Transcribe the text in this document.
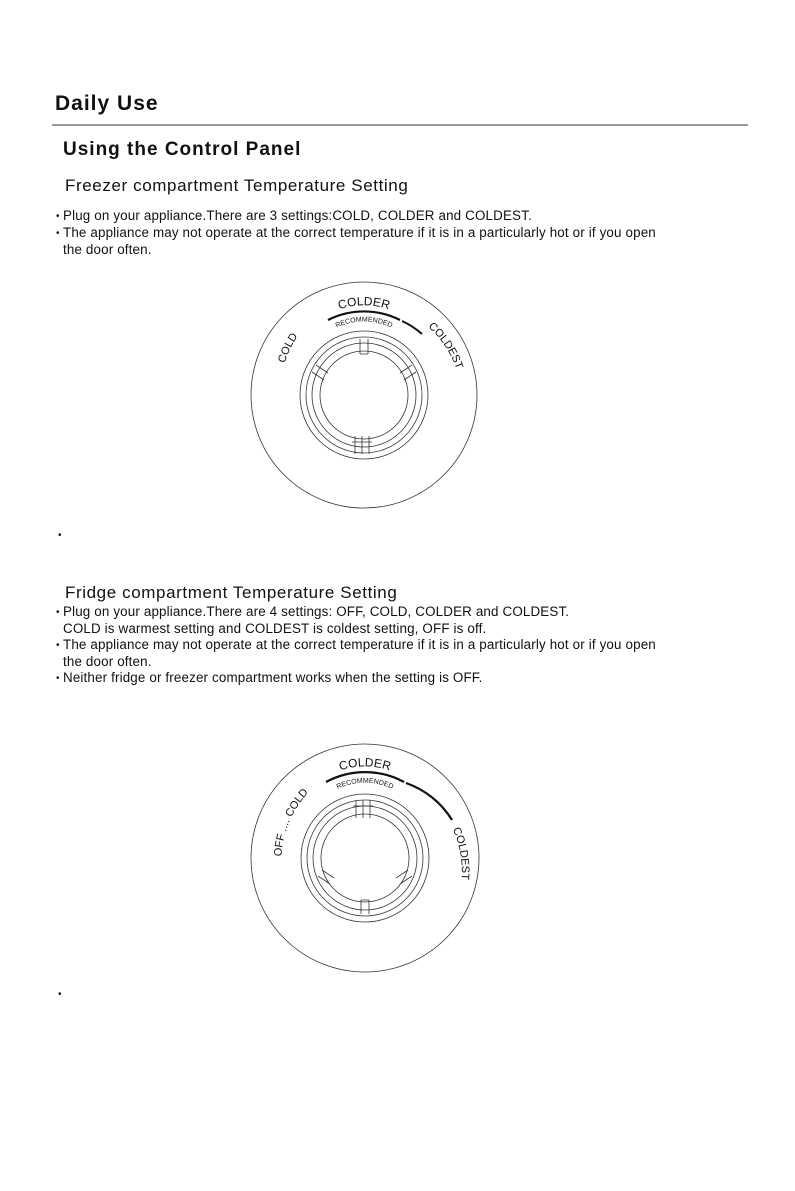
Daily Use
Using the Control Panel
Freezer compartment Temperature Setting
• Plug on your appliance.There are 3 settings:COLD, COLDER and COLDEST.
• The appliance may not operate at the correct temperature if it is in a particularly hot or if you open
the door often.
COLDER
RECOMMENDED
COLD
COLDEST
•
Fridge compartment Temperature Setting
• Plug on your appliance.There are 4 settings: OFF, COLD, COLDER and COLDEST.
COLD is warmest setting and COLDEST is coldest setting, OFF is off.
• The appliance may not operate at the correct temperature if it is in a particularly hot or if you open
the door often.
• Neither fridge or freezer compartment works when the setting is OFF.
COLDER
RECOMMENDED
OFF .... COLD
COLDEST
•
